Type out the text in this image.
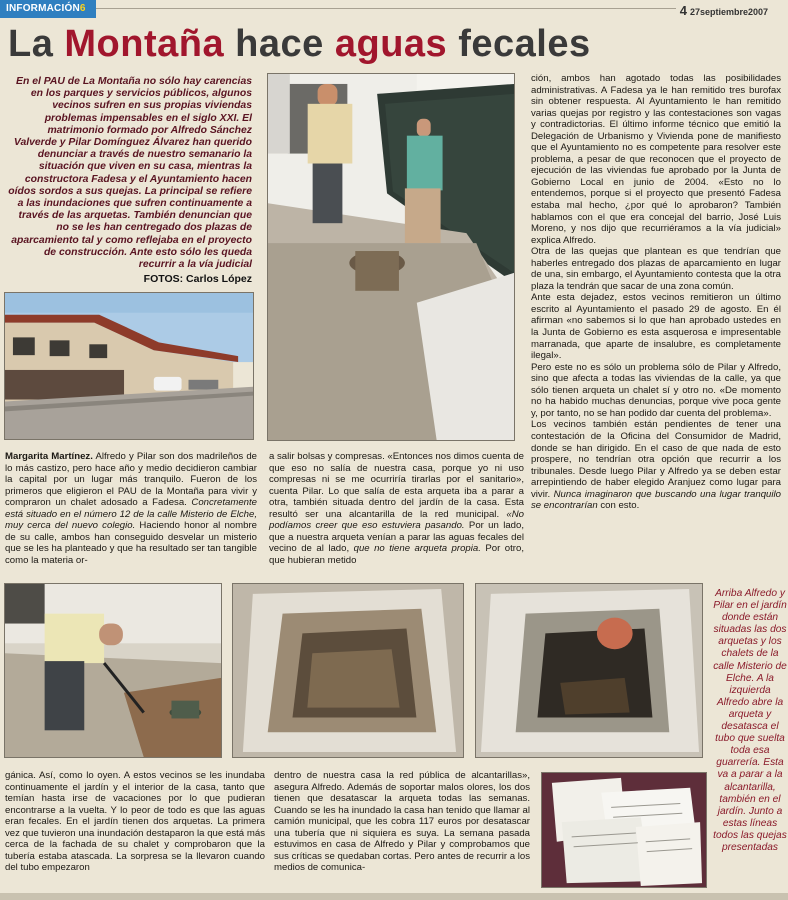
INFORMACIÓN6	4 27septiembre2007
La Montaña hace aguas fecales
En el PAU de La Montaña no sólo hay carencias en los parques y servicios públicos, algunos vecinos sufren en sus propias viviendas problemas impensables en el siglo XXI. El matrimonio formado por Alfredo Sánchez Valverde y Pilar Domínguez Álvarez han querido denunciar a través de nuestro semanario la situación que viven en su casa, mientras la constructora Fadesa y el Ayuntamiento hacen oídos sordos a sus quejas. La principal se refiere a las inundaciones que sufren continuamente a través de las arquetas. También denuncian que no se les han centregado dos plazas de aparcamiento tal y como reflejaba en el proyecto de construcción. Ante esto sólo les queda recurrir a la vía judicial
FOTOS: Carlos López
Margarita Martínez. Alfredo y Pilar son dos madrileños de lo más castizo, pero hace año y medio decidieron cambiar la capital por un lugar más tranquilo. Fueron de los primeros que eligieron el PAU de la Montaña para vivir y compraron un chalet adosado a Fadesa. Concretamente está situado en el número 12 de la calle Misterio de Elche, muy cerca del nuevo colegio. Haciendo honor al nombre de su calle, ambos han conseguido desvelar un misterio que se les ha planteado y que ha resultado ser tan tangible como la materia or-
a salir bolsas y compresas. «Entonces nos dimos cuenta de que eso no salía de nuestra casa, porque yo ni uso compresas ni se me ocurriría tirarlas por el sanitario», cuenta Pilar. Lo que salía de esta arqueta iba a parar a otra, también situada dentro del jardín de la casa. Esta resultó ser una alcantarilla de la red municipal. «No podíamos creer que eso estuviera pasando. Por un lado, que a nuestra arqueta venían a parar las aguas fecales del vecino de al lado, que no tiene arqueta propia. Por otro, que hubieran metido

ción, ambos han agotado todas las posibilidades administrativas. A Fadesa ya le han remitido tres burofax sin obtener respuesta. Al Ayuntamiento le han remitido varias quejas por registro y las contestaciones son vagas y contradictorias. El último informe técnico que emitió la Delegación de Urbanismo y Vivienda pone de manifiesto que el Ayuntamiento no es competente para resolver este problema, a pesar de que reconocen que el proyecto de ejecución de las viviendas fue aprobado por la Junta de Gobierno Local en junio de 2004. «Esto no lo entendemos, porque si el proyecto que presentó Fadesa estaba mal hecho, ¿por qué lo aprobaron? También hablamos con el que era concejal del barrio, José Luis Moreno, y nos dijo que recurriéramos a la vía judicial» explica Alfredo.

Otra de las quejas que plantean es que tendrían que haberles entregado dos plazas de aparcamiento en lugar de una, sin embargo, el Ayuntamiento contesta que la otra plaza la tendrán que sacar de una zona común.

Ante esta dejadez, estos vecinos remitieron un último escrito al Ayuntamiento el pasado 29 de agosto. En él afirman «no sabemos si lo que han aprobado ustedes en la Junta de Gobierno es esta asquerosa e impresentable marranada, que aparte de insalubre, es completamente ilegal».

Pero este no es sólo un problema sólo de Pilar y Alfredo, sino que afecta a todas las viviendas de la calle, ya que sólo tienen arqueta un chalet sí y otro no. «De momento no ha habido muchas denuncias, porque vive poca gente y, por tanto, no se han podido dar cuenta del problema».

Los vecinos también están pendientes de tener una contestación de la Oficina del Consumidor de Madrid, donde se han dirigido. En el caso de que nada de esto prospere, no tendrían otra opción que recurrir a los tribunales. Desde luego Pilar y Alfredo ya se deben estar arrepintiendo de haber elegido Aranjuez como lugar para vivir. Nunca imaginaron que buscando una lugar tranquilo se encontrarían con esto.

Arriba Alfredo y Pilar en el jardín donde están situadas las dos arquetas y los chalets de la calle Misterio de Elche. A la izquierda Alfredo abre la arqueta y desatasca el tubo que suelta toda esa guarrería. Esta va a parar a la alcantarilla, también en el jardín. Junto a estas líneas todos las quejas presentadas
gánica. Así, como lo oyen. A estos vecinos se les inundaba continuamente el jardín y el interior de la casa, tanto que temían hasta irse de vacaciones por lo que pudieran encontrarse a la vuelta. Y lo peor de todo es que las aguas eran fecales. En el jardín tienen dos arquetas. La primera vez que tuvieron una inundación destaparon la que está más cerca de la fachada de su chalet y comprobaron que la tubería estaba atascada. La sorpresa se la llevaron cuando del tubo empezaron
dentro de nuestra casa la red pública de alcantarillas», asegura Alfredo. Además de soportar malos olores, los dos tienen que desatascar la arqueta todas las semanas. Cuando se les ha inundado la casa han tenido que llamar al camión municipal, que les cobra 117 euros por desatascar una tubería que ni siquiera es suya. La semana pasada estuvimos en casa de Alfredo y Pilar y comprobamos que sus críticas se quedaban cortas. Pero antes de recurrir a los medios de comunica-
